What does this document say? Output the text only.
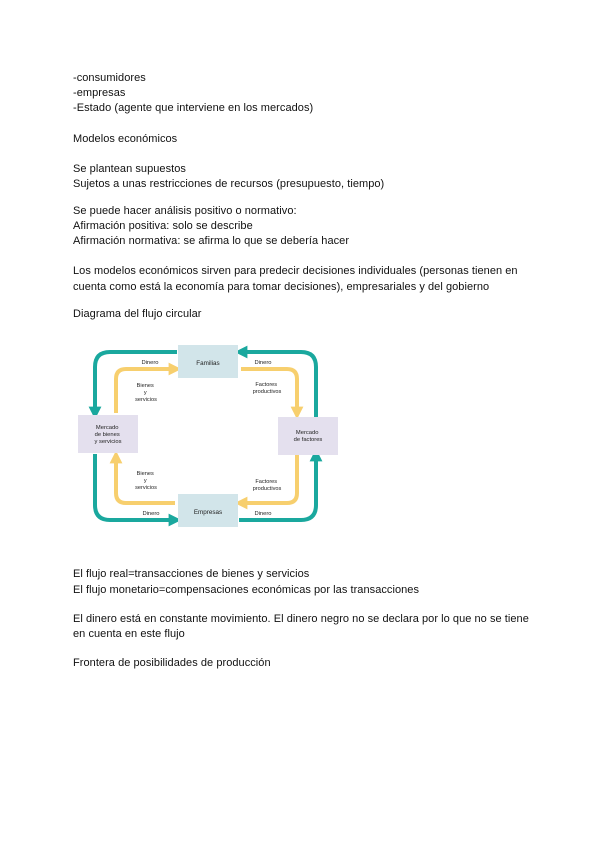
-consumidores
-empresas
-Estado (agente que interviene en los mercados)
Modelos económicos
Se plantean supuestos
Sujetos a unas restricciones de recursos (presupuesto, tiempo)
Se puede hacer análisis positivo o normativo:
Afirmación positiva: solo se describe
Afirmación normativa: se afirma lo que se debería hacer
Los modelos económicos sirven para predecir decisiones individuales (personas tienen en
cuenta como está la economía para tomar decisiones), empresariales y del gobierno
Diagrama del flujo circular
Familias
Empresas
Mercado de bienes y servicios
Mercado de factores
Dinero	Dinero
Dinero	Dinero
Bienes y servicios
Bienes y servicios
Factores productivos
Factores productivos
El flujo real=transacciones de bienes y servicios
El flujo monetario=compensaciones económicas por las transacciones
El dinero está en constante movimiento. El dinero negro no se declara por lo que no se tiene
en cuenta en este flujo
Frontera de posibilidades de producción
